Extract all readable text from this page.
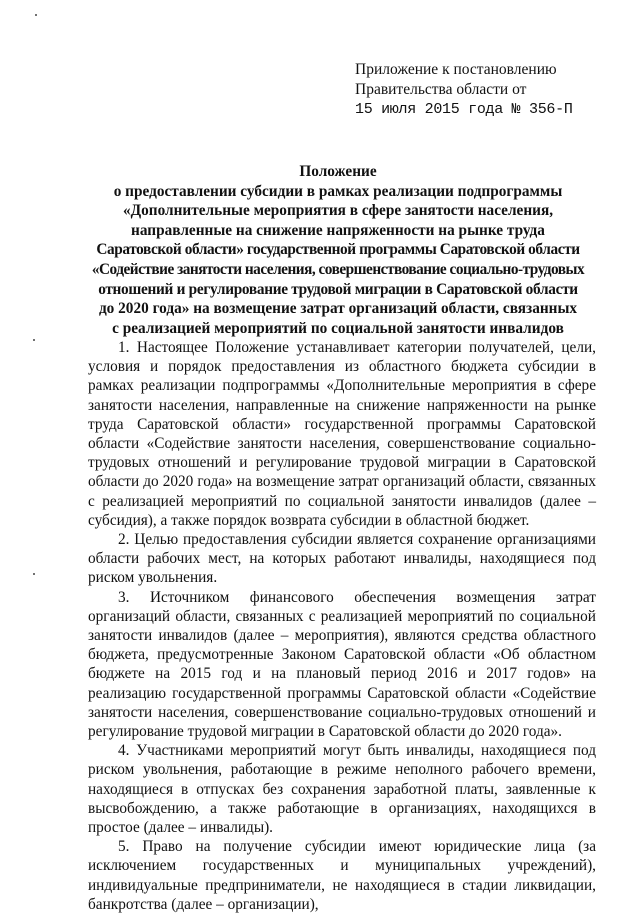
Приложение к постановлению
Правительства области от
15 июля 2015 года № 356-П
Положение
о предоставлении субсидии в рамках реализации подпрограммы
«Дополнительные мероприятия в сфере занятости населения,
направленные на снижение напряженности на рынке труда
Саратовской области» государственной программы Саратовской области
«Содействие занятости населения, совершенствование социально-трудовых
отношений и регулирование трудовой миграции в Саратовской области
до 2020 года» на возмещение затрат организаций области, связанных
с реализацией мероприятий по социальной занятости инвалидов

1. Настоящее Положение устанавливает категории получателей, цели, условия и порядок предоставления из областного бюджета субсидии в рамках реализации подпрограммы «Дополнительные мероприятия в сфере занятости населения, направленные на снижение напряженности на рынке труда Саратовской области» государственной программы Саратовской области «Содействие занятости населения, совершенствование социально-трудовых отношений и регулирование трудовой миграции в Саратовской области до 2020 года» на возмещение затрат организаций области, связанных с реализацией мероприятий по социальной занятости инвалидов (далее – субсидия), а также порядок возврата субсидии в областной бюджет.

2. Целью предоставления субсидии является сохранение организациями области рабочих мест, на которых работают инвалиды, находящиеся под риском увольнения.

3. Источником финансового обеспечения возмещения затрат организаций области, связанных с реализацией мероприятий по социальной занятости инвалидов (далее – мероприятия), являются средства областного бюджета, предусмотренные Законом Саратовской области «Об областном бюджете на 2015 год и на плановый период 2016 и 2017 годов» на реализацию государственной программы Саратовской области «Содействие занятости населения, совершенствование социально-трудовых отношений и регулирование трудовой миграции в Саратовской области до 2020 года».

4. Участниками мероприятий могут быть инвалиды, находящиеся под риском увольнения, работающие в режиме неполного рабочего времени, находящиеся в отпусках без сохранения заработной платы, заявленные к высвобождению, а также работающие в организациях, находящихся в простое (далее – инвалиды).

5. Право на получение субсидии имеют юридические лица (за исключением государственных и муниципальных учреждений), индивидуальные предприниматели, не находящиеся в стадии ликвидации, банкротства (далее – организации),
